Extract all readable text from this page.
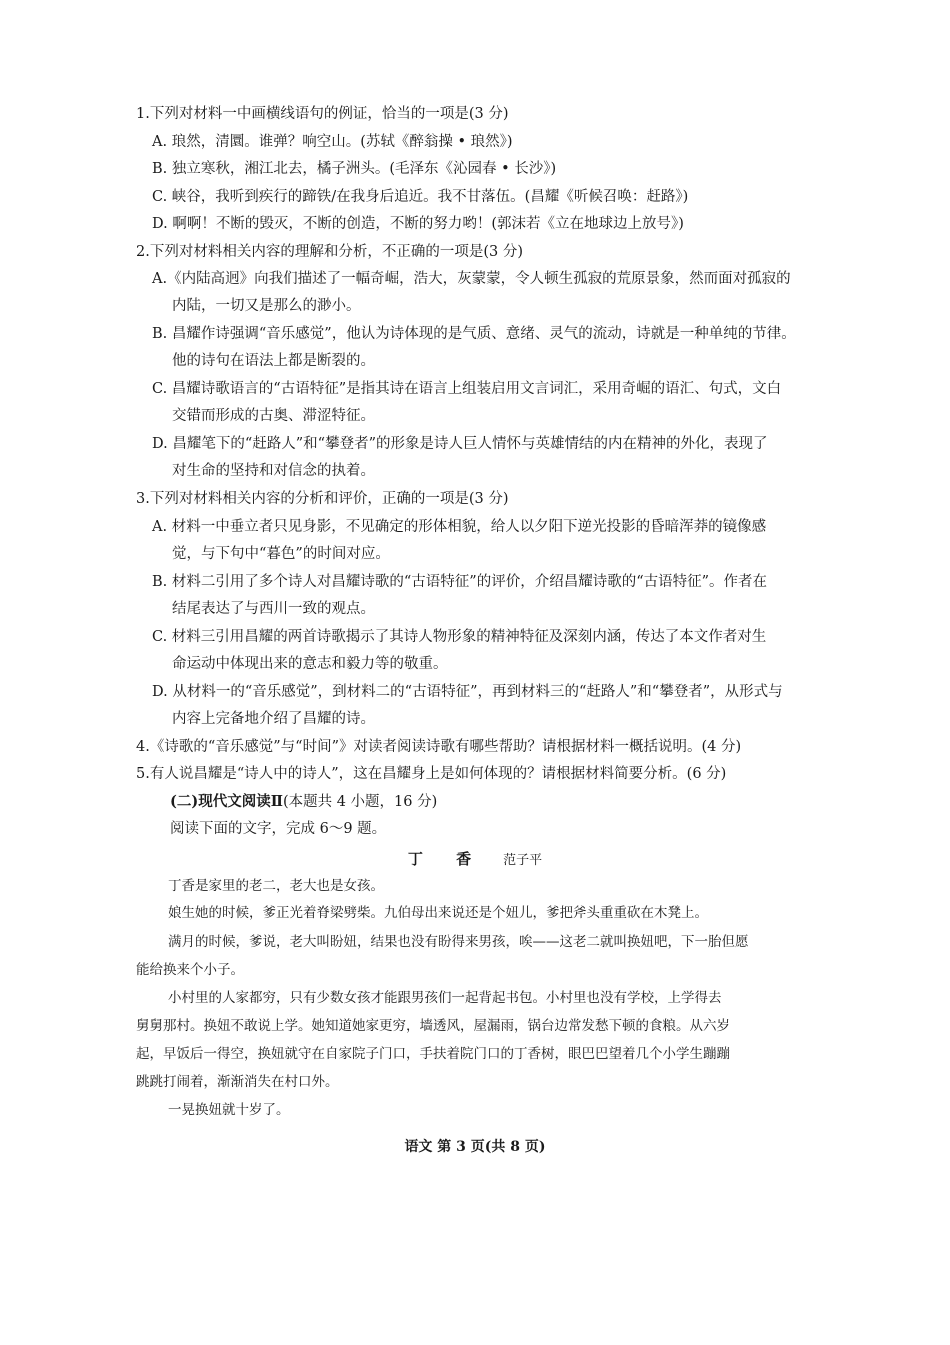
1.下列对材料一中画横线语句的例证，恰当的一项是(3 分)
A. 琅然，清圜。谁弹？响空山。(苏轼《醉翁操 • 琅然》)
B. 独立寒秋，湘江北去，橘子洲头。(毛泽东《沁园春 • 长沙》)
C. 峡谷，我听到疾行的蹄铁/在我身后追近。我不甘落伍。(昌耀《听候召唤：赶路》)
D. 啊啊！不断的毁灭，不断的创造，不断的努力哟！(郭沫若《立在地球边上放号》)
2.下列对材料相关内容的理解和分析，不正确的一项是(3 分)
A.《内陆高迥》向我们描述了一幅奇崛，浩大，灰蒙蒙，令人顿生孤寂的荒原景象，然而面对孤寂的
内陆，一切又是那么的渺小。
B. 昌耀作诗强调“音乐感觉”，他认为诗体现的是气质、意绪、灵气的流动，诗就是一种单纯的节律。
他的诗句在语法上都是断裂的。
C. 昌耀诗歌语言的“古语特征”是指其诗在语言上组装启用文言词汇，采用奇崛的语汇、句式，文白
交错而形成的古奥、滞涩特征。
D. 昌耀笔下的“赶路人”和“攀登者”的形象是诗人巨人情怀与英雄情结的内在精神的外化，表现了
对生命的坚持和对信念的执着。
3.下列对材料相关内容的分析和评价，正确的一项是(3 分)
A. 材料一中垂立者只见身影，不见确定的形体相貌，给人以夕阳下逆光投影的昏暗浑莽的镜像感
觉，与下句中“暮色”的时间对应。
B. 材料二引用了多个诗人对昌耀诗歌的“古语特征”的评价，介绍昌耀诗歌的“古语特征”。作者在
结尾表达了与西川一致的观点。
C. 材料三引用昌耀的两首诗歌揭示了其诗人物形象的精神特征及深刻内涵，传达了本文作者对生
命运动中体现出来的意志和毅力等的敬重。
D. 从材料一的“音乐感觉”，到材料二的“古语特征”，再到材料三的“赶路人”和“攀登者”，从形式与
内容上完备地介绍了昌耀的诗。
4.《诗歌的“音乐感觉”与“时间”》对读者阅读诗歌有哪些帮助？请根据材料一概括说明。(4 分)
5.有人说昌耀是“诗人中的诗人”，这在昌耀身上是如何体现的？请根据材料简要分析。(6 分)
(二)现代文阅读Ⅱ(本题共 4 小题，16 分)
阅读下面的文字，完成 6～9 题。
丁 香 范子平
丁香是家里的老二，老大也是女孩。
娘生她的时候，爹正光着脊梁劈柴。九伯母出来说还是个妞儿，爹把斧头重重砍在木凳上。
满月的时候，爹说，老大叫盼妞，结果也没有盼得来男孩，唉——这老二就叫换妞吧，下一胎但愿
能给换来个小子。
小村里的人家都穷，只有少数女孩才能跟男孩们一起背起书包。小村里也没有学校，上学得去
舅舅那村。换妞不敢说上学。她知道她家更穷，墙透风，屋漏雨，锅台边常发愁下顿的食粮。从六岁
起，早饭后一得空，换妞就守在自家院子门口，手扶着院门口的丁香树，眼巴巴望着几个小学生蹦蹦
跳跳打闹着，渐渐消失在村口外。
一晃换妞就十岁了。
语文 第 3 页(共 8 页)
